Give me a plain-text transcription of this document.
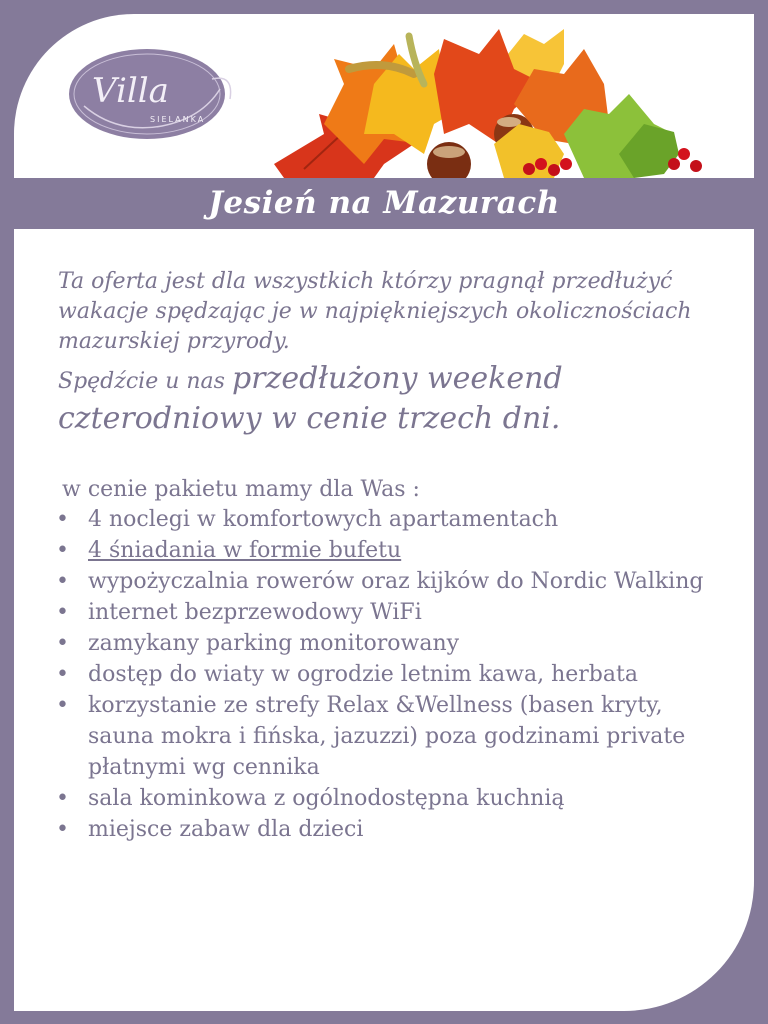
Villa
SIELANKA
Jesień na Mazurach
Ta oferta jest dla wszystkich którzy pragnął przedłużyć wakacje spędzając je w najpiękniejszych okolicznościach mazurskiej przyrody.
Spędźcie u nas przedłużony weekend czterodniowy w cenie trzech dni.

w cenie pakietu mamy dla Was :

• 4 noclegi w komfortowych apartamentach
• 4 śniadania w formie bufetu
• wypożyczalnia rowerów oraz kijków do Nordic Walking
• internet bezprzewodowy WiFi
• zamykany parking monitorowany
• dostęp do wiaty w ogrodzie letnim kawa, herbata
• korzystanie ze strefy Relax &Wellness (basen kryty, sauna mokra i fińska, jazuzzi) poza godzinami private płatnymi wg cennika
• sala kominkowa z ogólnodostępna kuchnią
• miejsce zabaw dla dzieci
